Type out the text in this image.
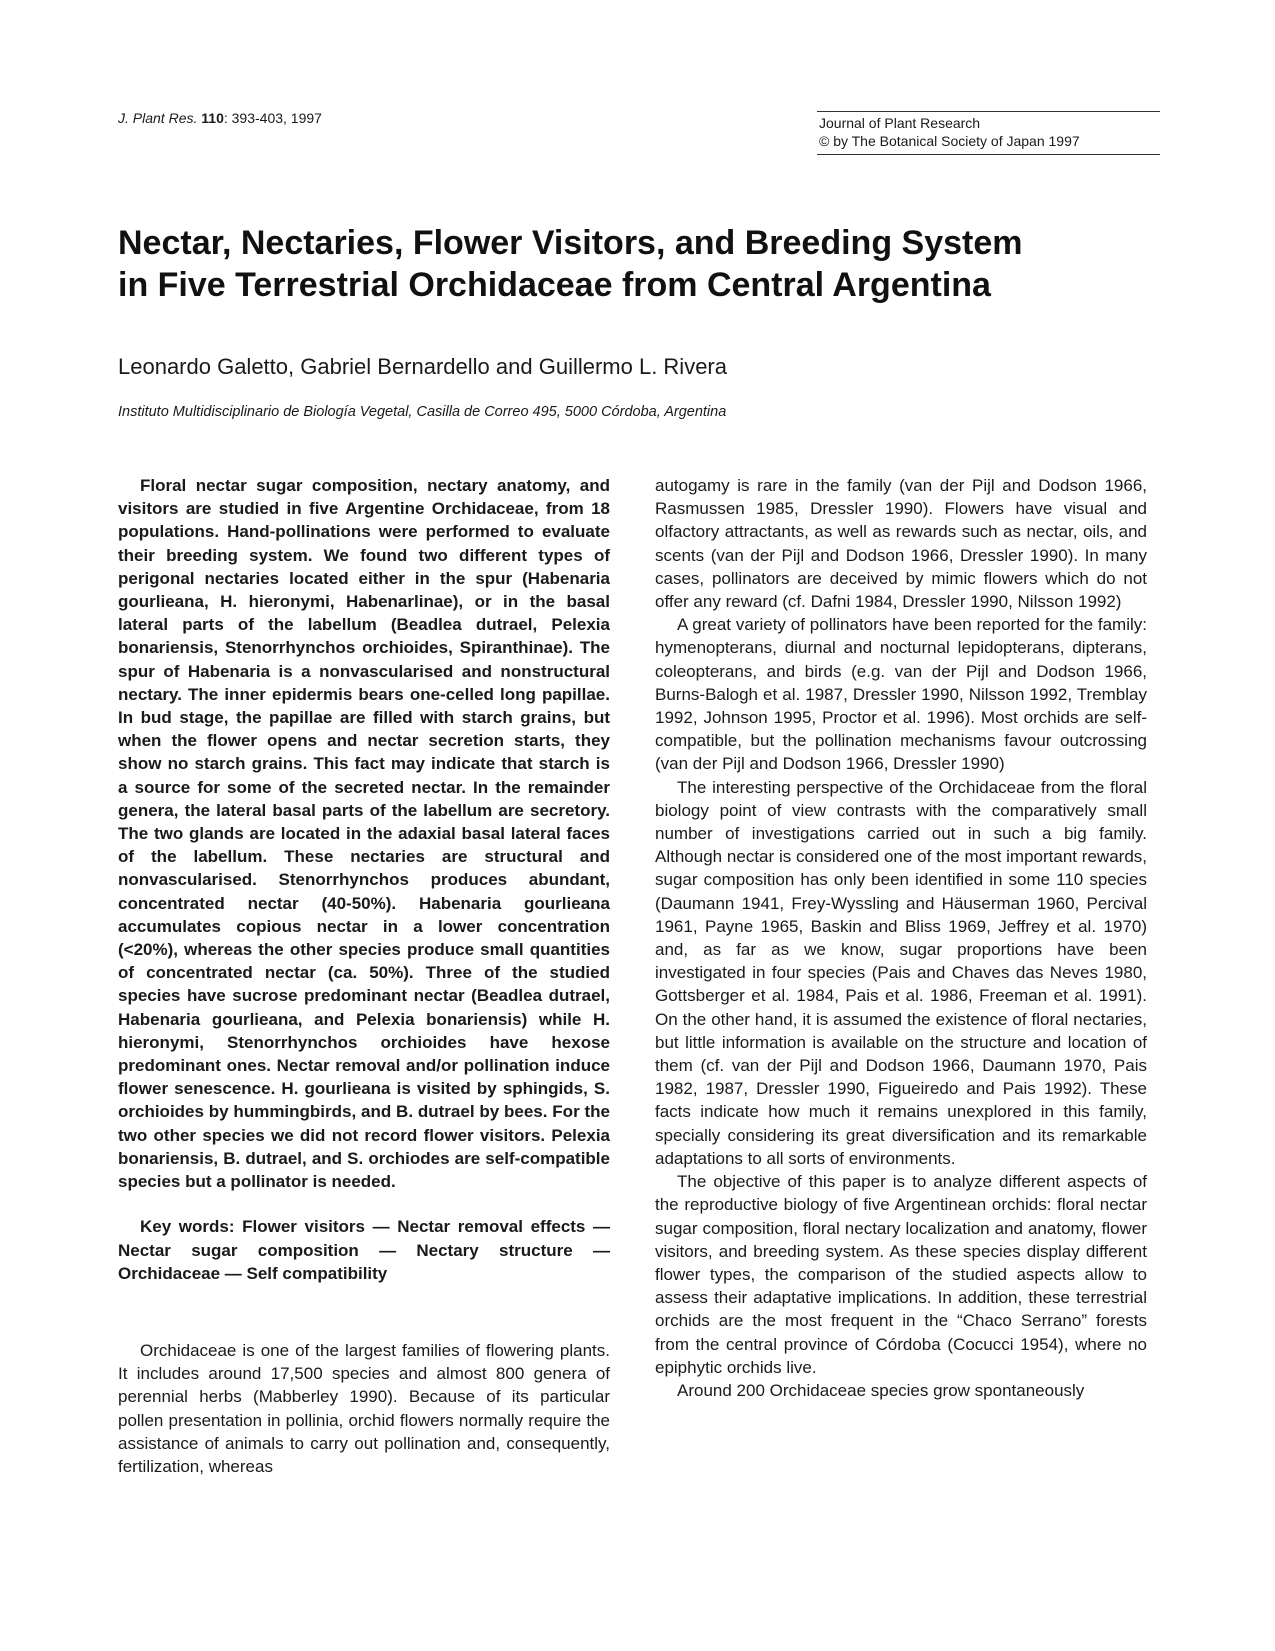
J. Plant Res. 110: 393-403, 1997	Journal of Plant Research
© by The Botanical Society of Japan 1997
Nectar, Nectaries, Flower Visitors, and Breeding System
in Five Terrestrial Orchidaceae from Central Argentina
Leonardo Galetto, Gabriel Bernardello and Guillermo L. Rivera
Instituto Multidisciplinario de Biología Vegetal, Casilla de Correo 495, 5000 Córdoba, Argentina

Floral nectar sugar composition, nectary anatomy, and visitors are studied in five Argentine Orchidaceae, from 18 populations. Hand-pollinations were performed to evaluate their breeding system. We found two different types of perigonal nectaries located either in the spur (Habenaria gourlieana, H. hieronymi, Habenarlinae), or in the basal lateral parts of the labellum (Beadlea dutrael, Pelexia bonariensis, Stenorrhynchos orchioides, Spiranthinae). The spur of Habenaria is a nonvascularised and nonstructural nectary. The inner epidermis bears one-celled long papillae. In bud stage, the papillae are filled with starch grains, but when the flower opens and nectar secretion starts, they show no starch grains. This fact may indicate that starch is a source for some of the secreted nectar. In the remainder genera, the lateral basal parts of the labellum are secretory. The two glands are located in the adaxial basal lateral faces of the labellum. These nectaries are structural and nonvascularised. Stenorrhynchos produces abundant, concentrated nectar (40-50%). Habenaria gourlieana accumulates copious nectar in a lower concentration (<20%), whereas the other species produce small quantities of concentrated nectar (ca. 50%). Three of the studied species have sucrose predominant nectar (Beadlea dutrael, Habenaria gourlieana, and Pelexia bonariensis) while H. hieronymi, Stenorrhynchos orchioides have hexose predominant ones. Nectar removal and/or pollination induce flower senescence. H. gourlieana is visited by sphingids, S. orchioides by hummingbirds, and B. dutrael by bees. For the two other species we did not record flower visitors. Pelexia bonariensis, B. dutrael, and S. orchiodes are self-compatible species but a pollinator is needed.

Key words: Flower visitors — Nectar removal effects — Nectar sugar composition — Nectary structure — Orchidaceae — Self compatibility

Orchidaceae is one of the largest families of flowering plants. It includes around 17,500 species and almost 800 genera of perennial herbs (Mabberley 1990). Because of its particular pollen presentation in pollinia, orchid flowers normally require the assistance of animals to carry out pollination and, consequently, fertilization, whereas

autogamy is rare in the family (van der Pijl and Dodson 1966, Rasmussen 1985, Dressler 1990). Flowers have visual and olfactory attractants, as well as rewards such as nectar, oils, and scents (van der Pijl and Dodson 1966, Dressler 1990). In many cases, pollinators are deceived by mimic flowers which do not offer any reward (cf. Dafni 1984, Dressler 1990, Nilsson 1992)

A great variety of pollinators have been reported for the family: hymenopterans, diurnal and nocturnal lepidopterans, dipterans, coleopterans, and birds (e.g. van der Pijl and Dodson 1966, Burns-Balogh et al. 1987, Dressler 1990, Nilsson 1992, Tremblay 1992, Johnson 1995, Proctor et al. 1996). Most orchids are self-compatible, but the pollination mechanisms favour outcrossing (van der Pijl and Dodson 1966, Dressler 1990)

The interesting perspective of the Orchidaceae from the floral biology point of view contrasts with the comparatively small number of investigations carried out in such a big family. Although nectar is considered one of the most important rewards, sugar composition has only been identified in some 110 species (Daumann 1941, Frey-Wyssling and Häuserman 1960, Percival 1961, Payne 1965, Baskin and Bliss 1969, Jeffrey et al. 1970) and, as far as we know, sugar proportions have been investigated in four species (Pais and Chaves das Neves 1980, Gottsberger et al. 1984, Pais et al. 1986, Freeman et al. 1991). On the other hand, it is assumed the existence of floral nectaries, but little information is available on the structure and location of them (cf. van der Pijl and Dodson 1966, Daumann 1970, Pais 1982, 1987, Dressler 1990, Figueiredo and Pais 1992). These facts indicate how much it remains unexplored in this family, specially considering its great diversification and its remarkable adaptations to all sorts of environments.

The objective of this paper is to analyze different aspects of the reproductive biology of five Argentinean orchids: floral nectar sugar composition, floral nectary localization and anatomy, flower visitors, and breeding system. As these species display different flower types, the comparison of the studied aspects allow to assess their adaptative implications. In addition, these terrestrial orchids are the most frequent in the “Chaco Serrano” forests from the central province of Córdoba (Cocucci 1954), where no epiphytic orchids live.

Around 200 Orchidaceae species grow spontaneously
